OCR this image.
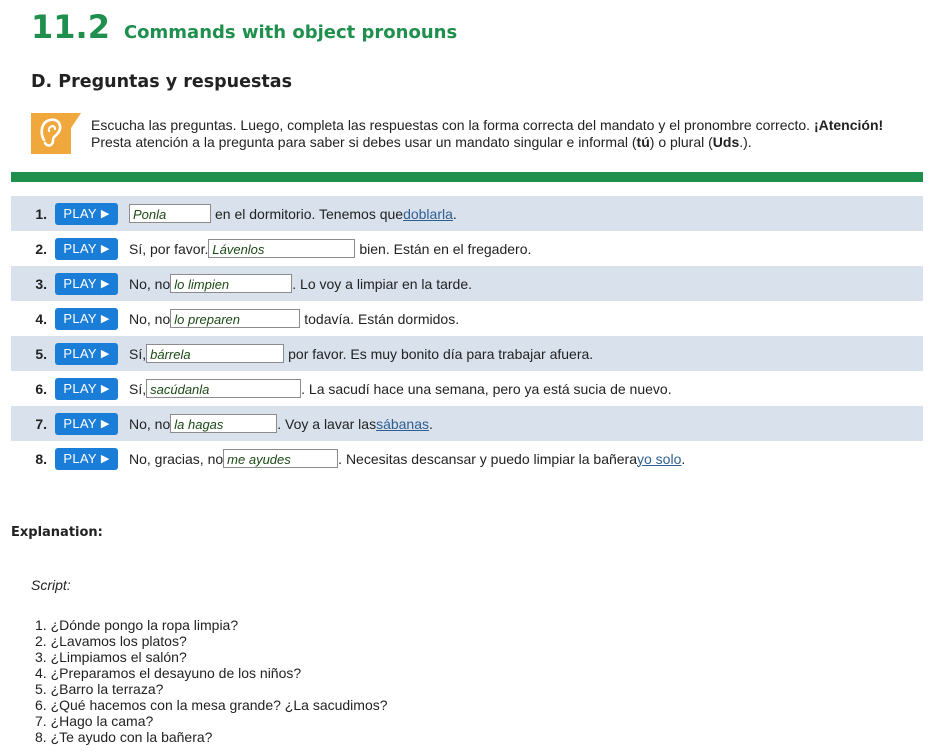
11.2 Commands with object pronouns
D. Preguntas y respuestas
Escucha las preguntas. Luego, completa las respuestas con la forma correcta del mandato y el pronombre correcto. ¡Atención! Presta atención a la pregunta para saber si debes usar un mandato singular e informal (tú) o plural (Uds.).
1. PLAY ▶	Ponla	en el dormitorio. Tenemos que doblarla .
2. PLAY ▶ Sí, por favor. Lávenlos	bien. Están en el fregadero.
3. PLAY ▶ No, no lo limpien	. Lo voy a limpiar en la tarde.
4. PLAY ▶ No, no lo preparen	todavía. Están dormidos.
5. PLAY ▶ Sí, bárrela	por favor. Es muy bonito día para trabajar afuera.
6. PLAY ▶ Sí, sacúdanla	. La sacudí hace una semana, pero ya está sucia de nuevo.
7. PLAY ▶ No, no la hagas	. Voy a lavar las sábanas .
8. PLAY ▶ No, gracias, no me ayudes	. Necesitas descansar y puedo limpiar la bañera yo solo .
Explanation:
Script:
1. ¿Dónde pongo la ropa limpia?
2. ¿Lavamos los platos?
3. ¿Limpiamos el salón?
4. ¿Preparamos el desayuno de los niños?
5. ¿Barro la terraza?
6. ¿Qué hacemos con la mesa grande? ¿La sacudimos?
7. ¿Hago la cama?
8. ¿Te ayudo con la bañera?
